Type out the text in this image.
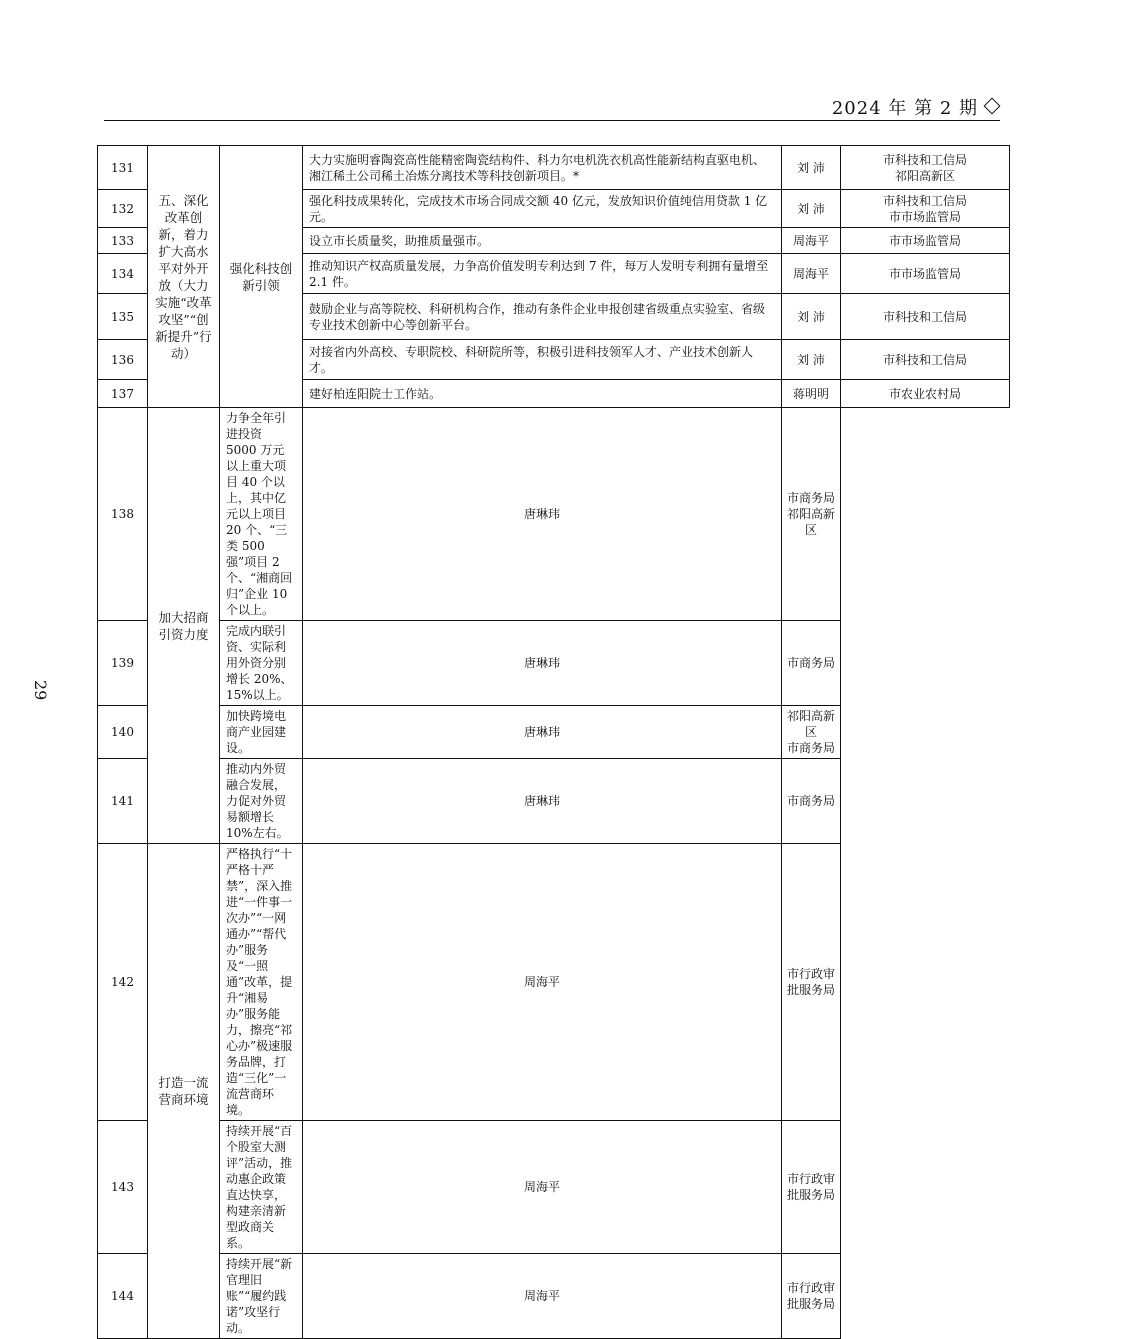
2024 年 第 2 期
29
131	五、深化改革创新，着力扩大高水平对外开放（大力实施“改革攻坚”“创新提升”行动）	强化科技创新引领	大力实施明睿陶瓷高性能精密陶瓷结构件、科力尔电机洗衣机高性能新结构直驱电机、湘江稀土公司稀土冶炼分离技术等科技创新项目。*	刘 沛	市科技和工信局
祁阳高新区

132			强化科技成果转化，完成技术市场合同成交额 40 亿元，发放知识价值纯信用贷款 1 亿元。	刘 沛	市科技和工信局
市市场监管局

133			设立市长质量奖，助推质量强市。	周海平	市市场监管局

134			推动知识产权高质量发展，力争高价值发明专利达到 7 件，每万人发明专利拥有量增至 2.1 件。	周海平	市市场监管局

135			鼓励企业与高等院校、科研机构合作，推动有条件企业申报创建省级重点实验室、省级专业技术创新中心等创新平台。	刘 沛	市科技和工信局

136			对接省内外高校、专职院校、科研院所等，积极引进科技领军人才、产业技术创新人才。	刘 沛	市科技和工信局

137			建好柏连阳院士工作站。	蒋明明	市农业农村局

138	加大招商引资力度	力争全年引进投资 5000 万元以上重大项目 40 个以上，其中亿元以上项目 20 个、“三类 500 强”项目 2 个、“湘商回归”企业 10 个以上。	唐琳玮	市商务局
祁阳高新区	

139		完成内联引资、实际利用外资分别增长 20%、15%以上。	唐琳玮	市商务局	

140		加快跨境电商产业园建设。	唐琳玮	祁阳高新区
市商务局	

141		推动内外贸融合发展，力促对外贸易额增长 10%左右。	唐琳玮	市商务局	

142	打造一流营商环境	严格执行“十严格十严禁”，深入推进“一件事一次办”“一网通办”“帮代办”服务及“一照通”改革，提升“湘易办”服务能力，擦亮“祁心办”极速服务品牌，打造“三化”一流营商环境。	周海平	市行政审批服务局	

143		持续开展“百个股室大测评”活动，推动惠企政策直达快享，构建亲清新型政商关系。	周海平	市行政审批服务局	

144		持续开展“新官理旧账”“履约践诺”攻坚行动。	周海平	市行政审批服务局	
